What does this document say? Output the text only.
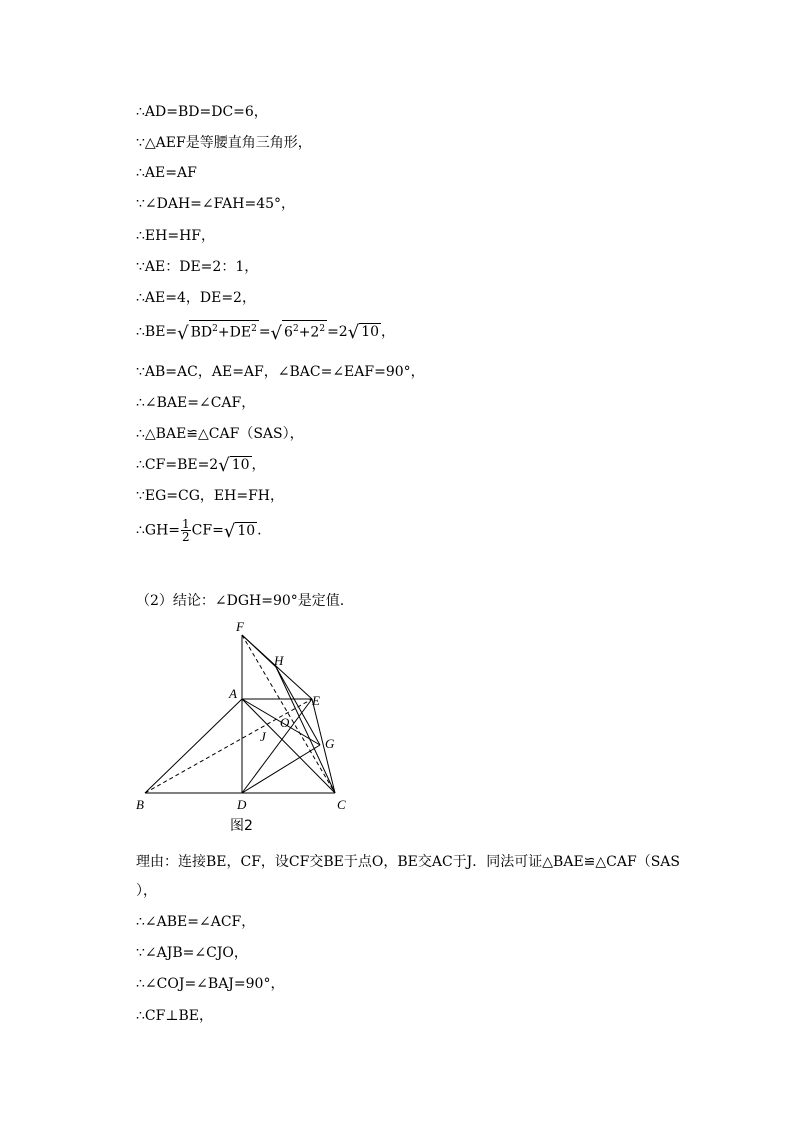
∴AD=BD=DC=6，
∵△AEF是等腰直角三角形，
∴AE=AF
∵∠DAH=∠FAH=45°，
∴EH=HF，
∵AE：DE=2：1，
∴AE=4，DE=2，
∴BE=√ $BD^2+DE^2$ =√ $6^2+2^2 =2√$ 10 ，
∵AB=AC，AE=AF，∠BAC=∠EAF=90°，
∴∠BAE=∠CAF，
∴△BAE≌△CAF（SAS），
∴CF=BE=2√ 10 ，
∵EG=CG，EH=FH，
∴GH= $\frac{1}{2} CF=√$ 10 .
（2）结论：∠DGH=90°是定值.
F
H
A	E
O
J	G
B	D	C
图2
理由：连接BE，CF，设CF交BE于点O，BE交AC于J．同法可证△BAE≌△CAF（SAS
），
∴∠ABE=∠ACF，
∵∠AJB=∠CJO，
∴∠COJ=∠BAJ=90°，
∴CF⊥BE，
